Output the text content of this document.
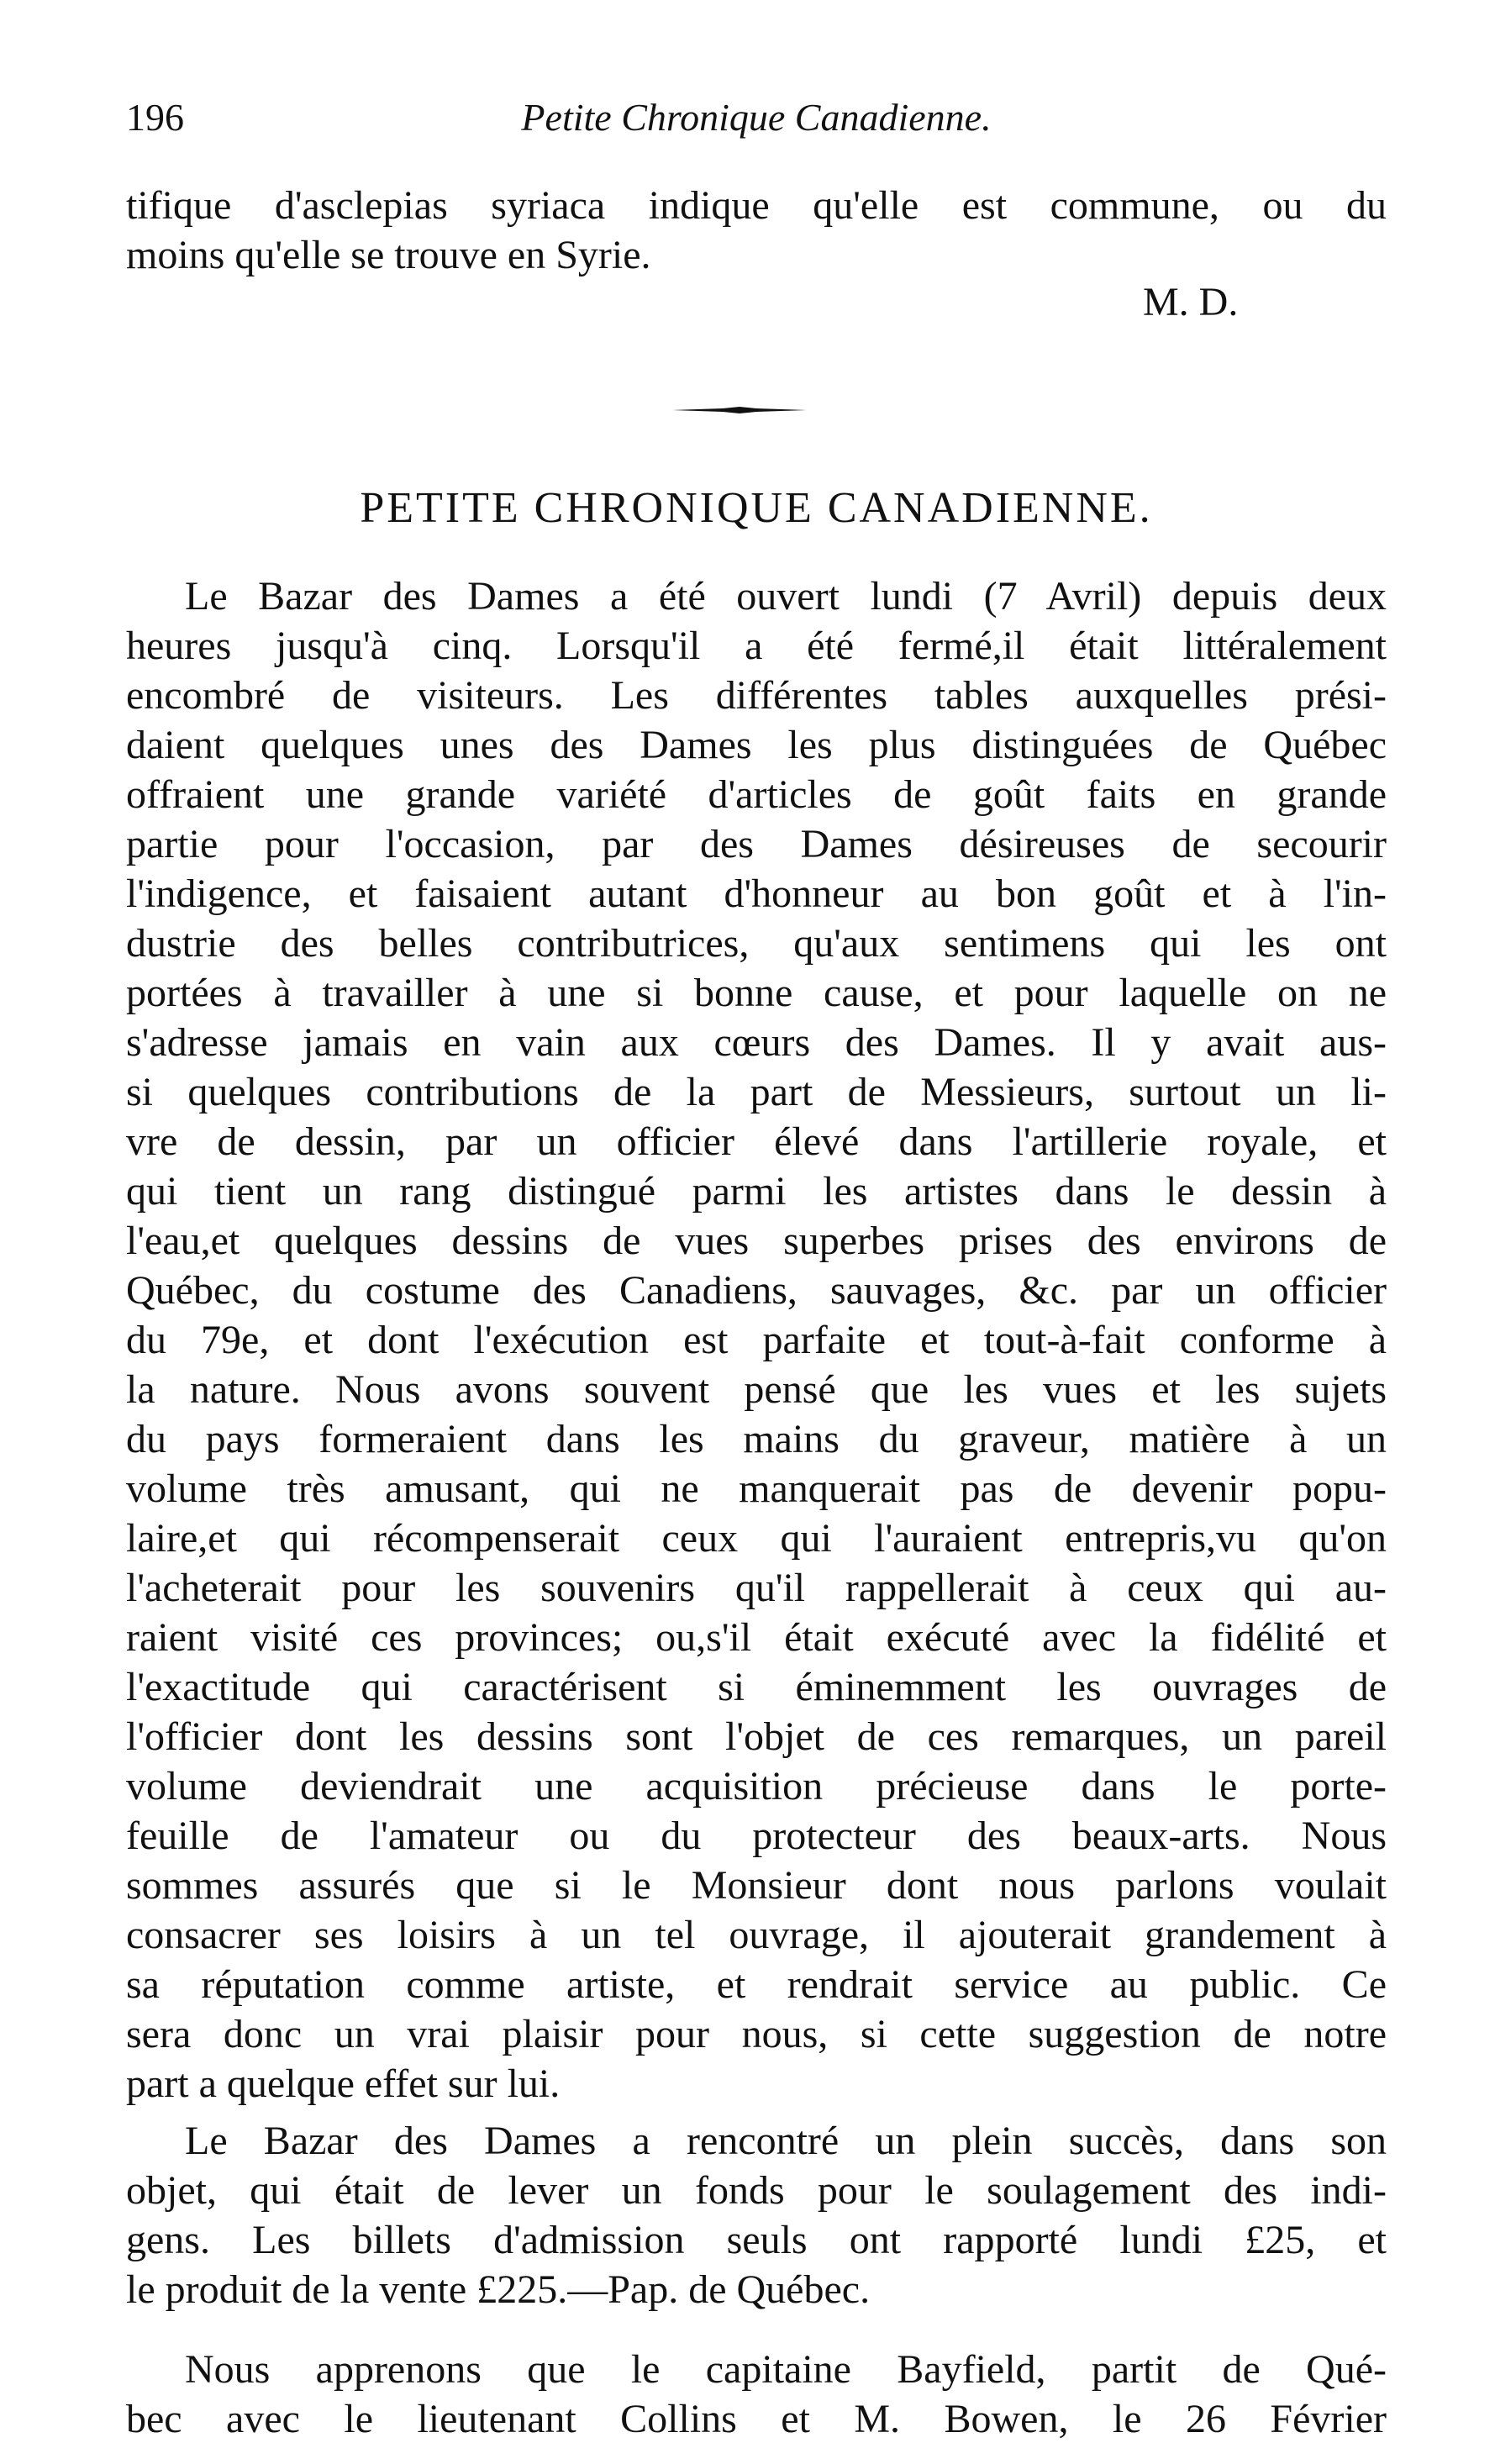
196	Petite Chronique Canadienne.
tifique d'asclepias syriaca indique qu'elle est commune, ou du
moins qu'elle se trouve en Syrie.
M. D.
PETITE CHRONIQUE CANADIENNE.
Le Bazar des Dames a été ouvert lundi (7 Avril) depuis deux
heures jusqu'à cinq. Lorsqu'il a été fermé,il était littéralement
encombré de visiteurs. Les différentes tables auxquelles prési-
daient quelques unes des Dames les plus distinguées de Québec
offraient une grande variété d'articles de goût faits en grande
partie pour l'occasion, par des Dames désireuses de secourir
l'indigence, et faisaient autant d'honneur au bon goût et à l'in-
dustrie des belles contributrices, qu'aux sentimens qui les ont
portées à travailler à une si bonne cause, et pour laquelle on ne
s'adresse jamais en vain aux cœurs des Dames. Il y avait aus-
si quelques contributions de la part de Messieurs, surtout un li-
vre de dessin, par un officier élevé dans l'artillerie royale, et
qui tient un rang distingué parmi les artistes dans le dessin à
l'eau,et quelques dessins de vues superbes prises des environs de
Québec, du costume des Canadiens, sauvages, &c. par un officier
du 79e, et dont l'exécution est parfaite et tout-à-fait conforme à
la nature. Nous avons souvent pensé que les vues et les sujets
du pays formeraient dans les mains du graveur, matière à un
volume très amusant, qui ne manquerait pas de devenir popu-
laire,et qui récompenserait ceux qui l'auraient entrepris,vu qu'on
l'acheterait pour les souvenirs qu'il rappellerait à ceux qui au-
raient visité ces provinces; ou,s'il était exécuté avec la fidélité et
l'exactitude qui caractérisent si éminemment les ouvrages de
l'officier dont les dessins sont l'objet de ces remarques, un pareil
volume deviendrait une acquisition précieuse dans le porte-
feuille de l'amateur ou du protecteur des beaux-arts. Nous
sommes assurés que si le Monsieur dont nous parlons voulait
consacrer ses loisirs à un tel ouvrage, il ajouterait grandement à
sa réputation comme artiste, et rendrait service au public. Ce
sera donc un vrai plaisir pour nous, si cette suggestion de notre
part a quelque effet sur lui.
Le Bazar des Dames a rencontré un plein succès, dans son
objet, qui était de lever un fonds pour le soulagement des indi-
gens. Les billets d'admission seuls ont rapporté lundi £25, et
le produit de la vente £225.—Pap. de Québec.
Nous apprenons que le capitaine Bayfield, partit de Qué-
bec avec le lieutenant Collins et M. Bowen, le 26 Février
